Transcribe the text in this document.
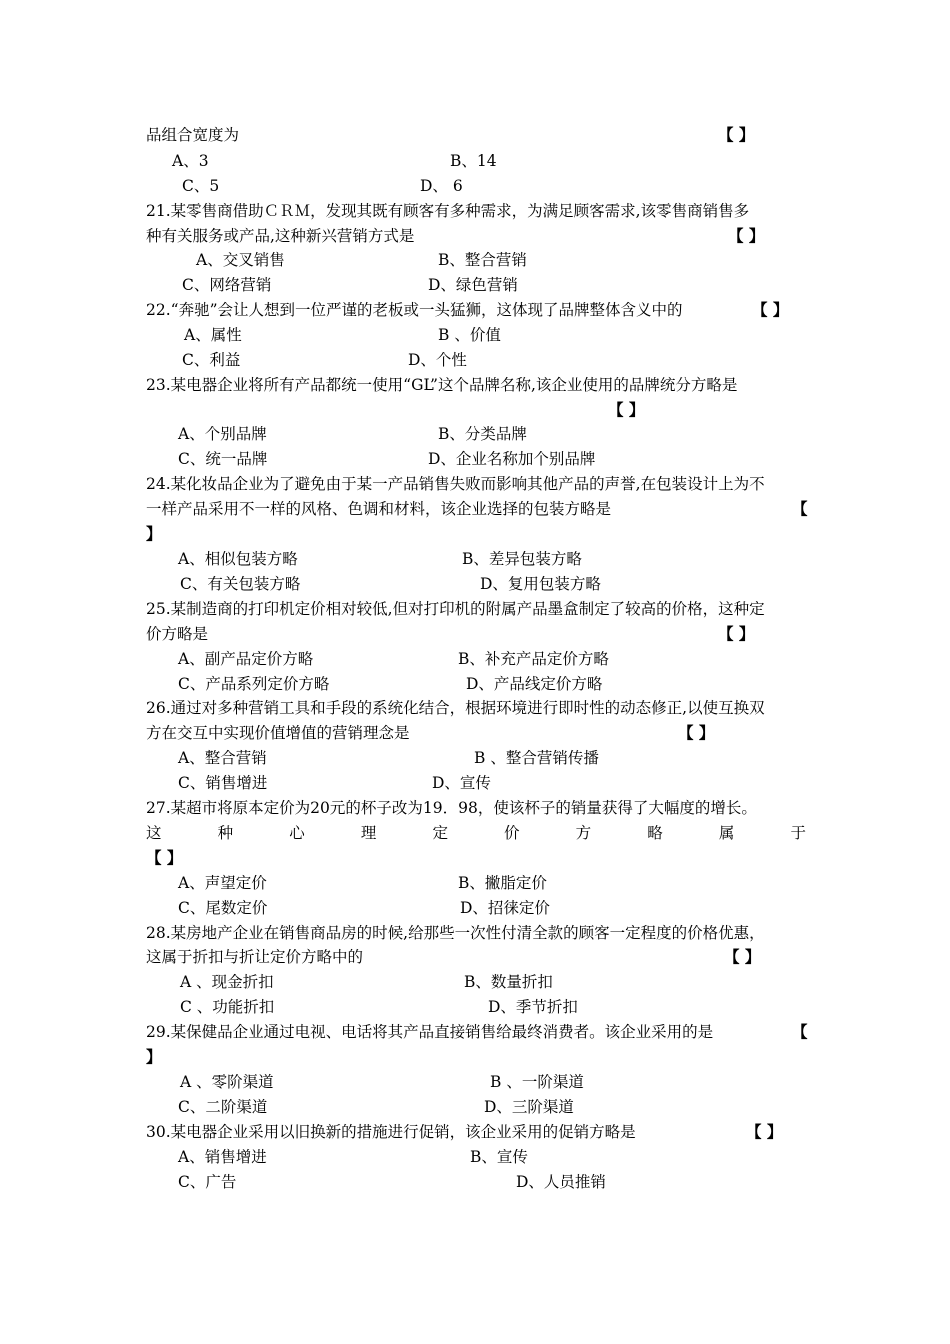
品组合宽度为	【 】
A、3	B、14
C、5	D、 6
21.某零售商借助ＣＲＭ，发现其既有顾客有多种需求，为满足顾客需求,该零售商销售多
种有关服务或产品,这种新兴营销方式是	【 】
A、交叉销售	B、整合营销
C、网络营销	D、绿色营销
22.“奔驰”会让人想到一位严谨的老板或一头猛狮，这体现了品牌整体含义中的	【 】
A、属性	B 、价值
C、利益	D、个性
23.某电器企业将所有产品都统一使用“GL”这个品牌名称,该企业使用的品牌统分方略是
【 】
A、个别品牌	B、分类品牌
C、统一品牌	D、企业名称加个别品牌
24.某化妆品企业为了避免由于某一产品销售失败而影响其他产品的声誉,在包装设计上为不
一样产品采用不一样的风格、色调和材料，该企业选择的包装方略是	【
】
A、相似包装方略	B、差异包装方略
C、有关包装方略	D、复用包装方略
25.某制造商的打印机定价相对较低,但对打印机的附属产品墨盒制定了较高的价格，这种定
价方略是	【 】
A、副产品定价方略	B、补充产品定价方略
C、产品系列定价方略	D、产品线定价方略
26.通过对多种营销工具和手段的系统化结合，根据环境进行即时性的动态修正,以使互换双
方在交互中实现价值增值的营销理念是	【 】
A、整合营销	B 、整合营销传播
C、销售增进	D、宣传
27.某超市将原本定价为20元的杯子改为19．98，使该杯子的销量获得了大幅度的增长。
这	种	心	理	定	价	方	略	属	于
【 】
A、声望定价	B、撇脂定价
C、尾数定价	D、招徕定价
28.某房地产企业在销售商品房的时候,给那些一次性付清全款的顾客一定程度的价格优惠，
这属于折扣与折让定价方略中的	【 】
A 、现金折扣	B、数量折扣
C 、功能折扣	D、季节折扣
29.某保健品企业通过电视、电话将其产品直接销售给最终消费者。该企业采用的是	【
】
A 、零阶渠道	B 、一阶渠道
C、二阶渠道	D、三阶渠道
30.某电器企业采用以旧换新的措施进行促销，该企业采用的促销方略是	【 】
A、销售增进	B、宣传
C、广告	D、人员推销
